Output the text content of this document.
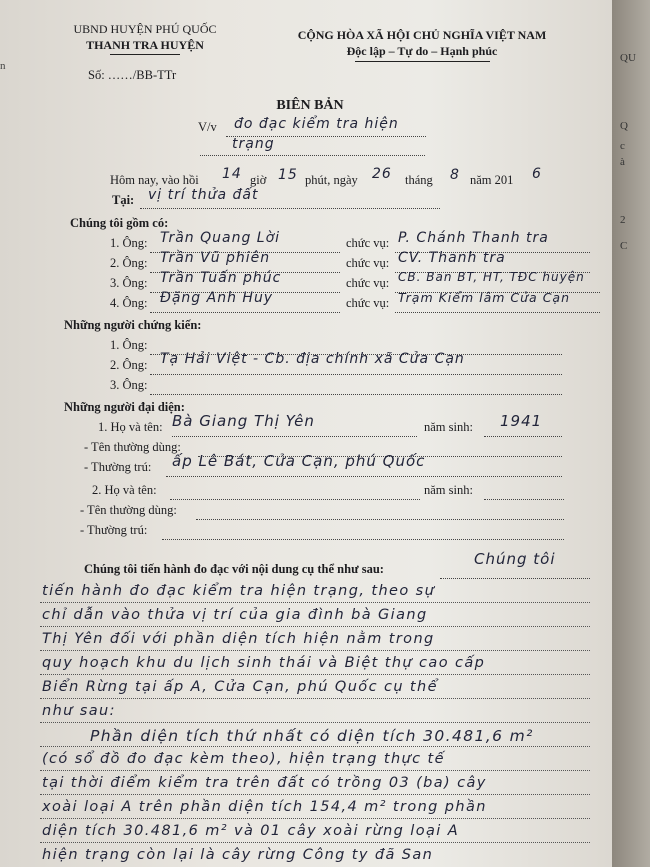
UBND HUYỆN PHÚ QUỐC
THANH TRA HUYỆN
Số: ……/BB-TTr
CỘNG HÒA XÃ HỘI CHỦ NGHĨA VIỆT NAM
Độc lập – Tự do – Hạnh phúc
BIÊN BẢN
V/v đo đạc kiểm tra hiện
trạng
Hôm nay, vào hồi 14 giờ 15 phút, ngày 26 tháng 8 năm 201 6
Tại: vị trí thửa đất
Chúng tôi gồm có:
1. Ông: Trần Quang Lời	chức vụ: P. Chánh Thanh tra
2. Ông: Trần Vũ phiên	chức vụ: CV. Thanh tra
3. Ông: Trần Tuấn phúc	chức vụ: CB. Ban BT, HT, TĐC huyện
4. Ông: Đặng Anh Huy	chức vụ: Trạm Kiểm lâm Cửa Cạn
Những người chứng kiến:
1. Ông:
2. Ông: Tạ Hải Việt - Cb. địa chính xã Cửa Cạn
3. Ông:
Những người đại diện:
1. Họ và tên: Bà Giang Thị Yên	năm sinh: 1941
- Tên thường dùng:
- Thường trú: ấp Lê Bát, Cửa Cạn, phú Quốc
2. Họ và tên:	năm sinh:
- Tên thường dùng:
- Thường trú:
Chúng tôi tiến hành đo đạc với nội dung cụ thể như sau:
Chúng tôi
tiến hành đo đạc kiểm tra hiện trạng, theo sự
chỉ dẫn vào thửa vị trí của gia đình bà Giang
Thị Yên đối với phần diện tích hiện nằm trong
quy hoạch khu du lịch sinh thái và Biệt thự cao cấp
Biển Rừng tại ấp A, Cửa Cạn, phú Quốc cụ thể
như sau:
Phần diện tích thứ nhất có diện tích 30.481,6 m²
(có sổ đồ đo đạc kèm theo), hiện trạng thực tế
tại thời điểm kiểm tra trên đất có trồng 03 (ba) cây
xoài loại A trên phần diện tích 154,4 m² trong phần
diện tích 30.481,6 m² và 01 cây xoài rừng loại A
hiện trạng còn lại là cây rừng Công ty đã San
n
QU
Q
c
à
2
C
